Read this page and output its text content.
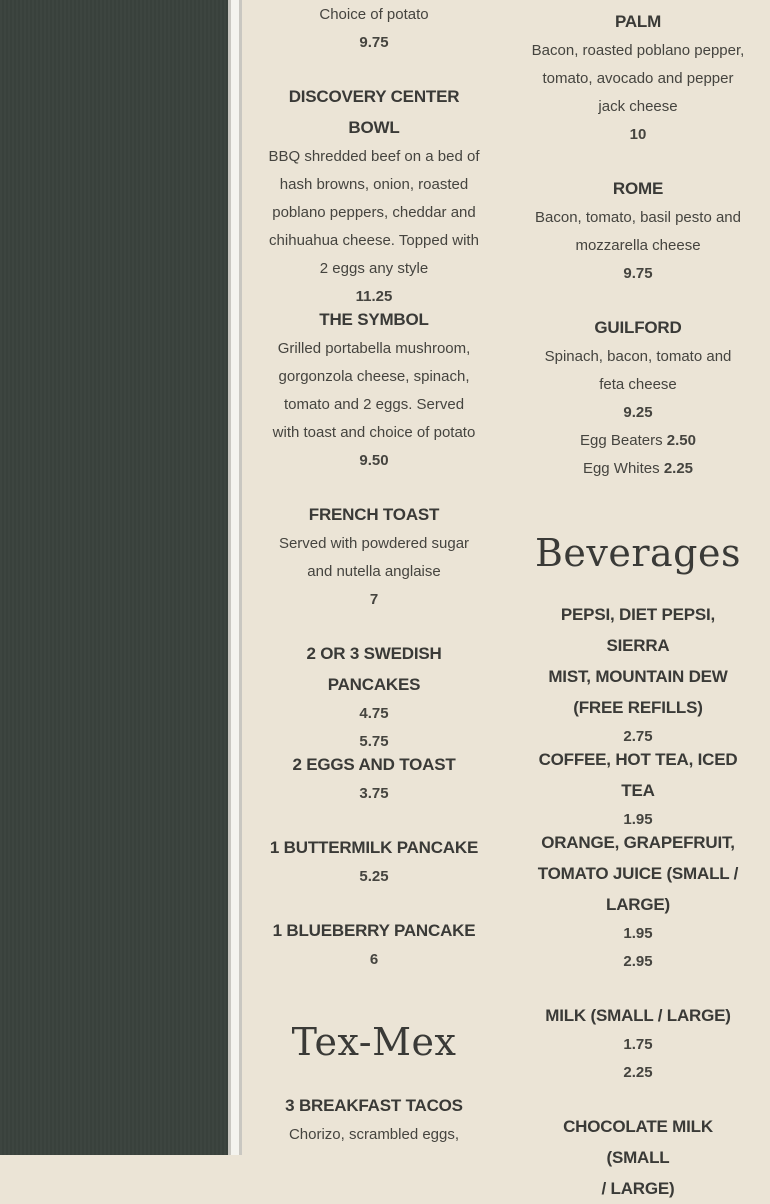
Choice of potato
9.75
DISCOVERY CENTER BOWL
BBQ shredded beef on a bed of
hash browns, onion, roasted
poblano peppers, cheddar and
chihuahua cheese. Topped with
2 eggs any style
11.25
THE SYMBOL
Grilled portabella mushroom,
gorgonzola cheese, spinach,
tomato and 2 eggs. Served
with toast and choice of potato
9.50
FRENCH TOAST
Served with powdered sugar
and nutella anglaise
7
2 OR 3 SWEDISH PANCAKES
4.75
5.75
2 EGGS AND TOAST
3.75
1 BUTTERMILK PANCAKE
5.25
1 BLUEBERRY PANCAKE
6
Tex-Mex
3 BREAKFAST TACOS
Chorizo, scrambled eggs,
PALM
Bacon, roasted poblano pepper,
tomato, avocado and pepper
jack cheese
10
ROME
Bacon, tomato, basil pesto and
mozzarella cheese
9.75
GUILFORD
Spinach, bacon, tomato and
feta cheese
9.25
Egg Beaters 2.50
Egg Whites 2.25
Beverages
PEPSI, DIET PEPSI, SIERRA
MIST, MOUNTAIN DEW
(FREE REFILLS)
2.75
COFFEE, HOT TEA, ICED TEA
1.95
ORANGE, GRAPEFRUIT,
TOMATO JUICE (SMALL /
LARGE)
1.95
2.95
MILK (SMALL / LARGE)
1.75
2.25
CHOCOLATE MILK (SMALL
/ LARGE)
